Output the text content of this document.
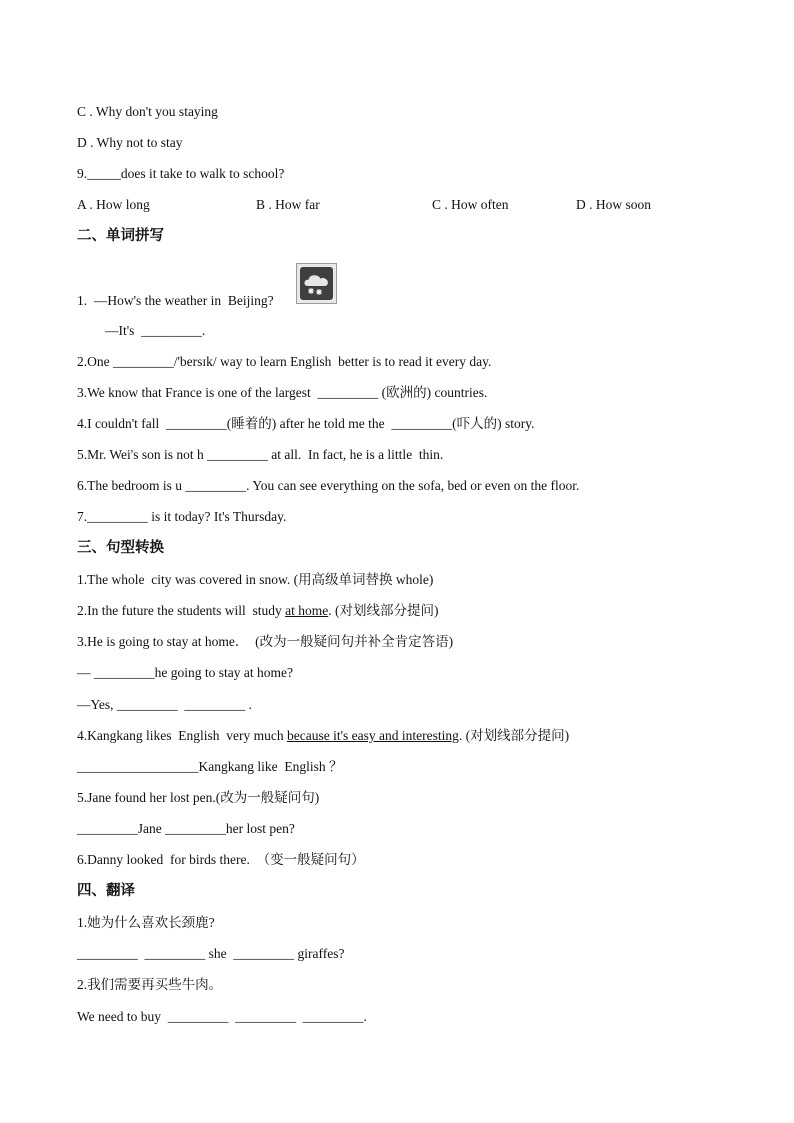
C . Why don't you staying
D . Why not to stay
9._____does it take to walk to school?
A . How long	B . How far	C . How often	D . How soon
二、单词拼写
1.  —How's the weather in  Beijing?
—It's  _________.
2.One _________/'bersɪk/ way to learn English  better is to read it every day.
3.We know that France is one of the largest  _________ (欧洲的) countries.
4.I couldn't fall  _________(睡着的) after he told me the  _________(吓人的) story.
5.Mr. Wei's son is not h _________ at all.  In fact, he is a little  thin.
6.The bedroom is u _________. You can see everything on the sofa, bed or even on the floor.
7._________ is it today? It's Thursday.
三、句型转换
1.The whole  city was covered in snow. (用高级单词替换 whole)
2.In the future the students will  study at home. (对划线部分提问)
3.He is going to stay at home．  (改为一般疑问句并补全肯定答语)
— _________he going to stay at home?
—Yes, _________  _________ .
4.Kangkang likes  English  very much because it's easy and interesting. (对划线部分提问)
__________________Kangkang like  English ？
5.Jane found her lost pen.(改为一般疑问句)
_________Jane _________her lost pen?
6.Danny looked  for birds there.  （变一般疑问句）
四、翻译
1.她为什么喜欢长颈鹿?
_________  _________ she  _________ giraffes?
2.我们需要再买些牛肉。
We need to buy  _________  _________  _________.
